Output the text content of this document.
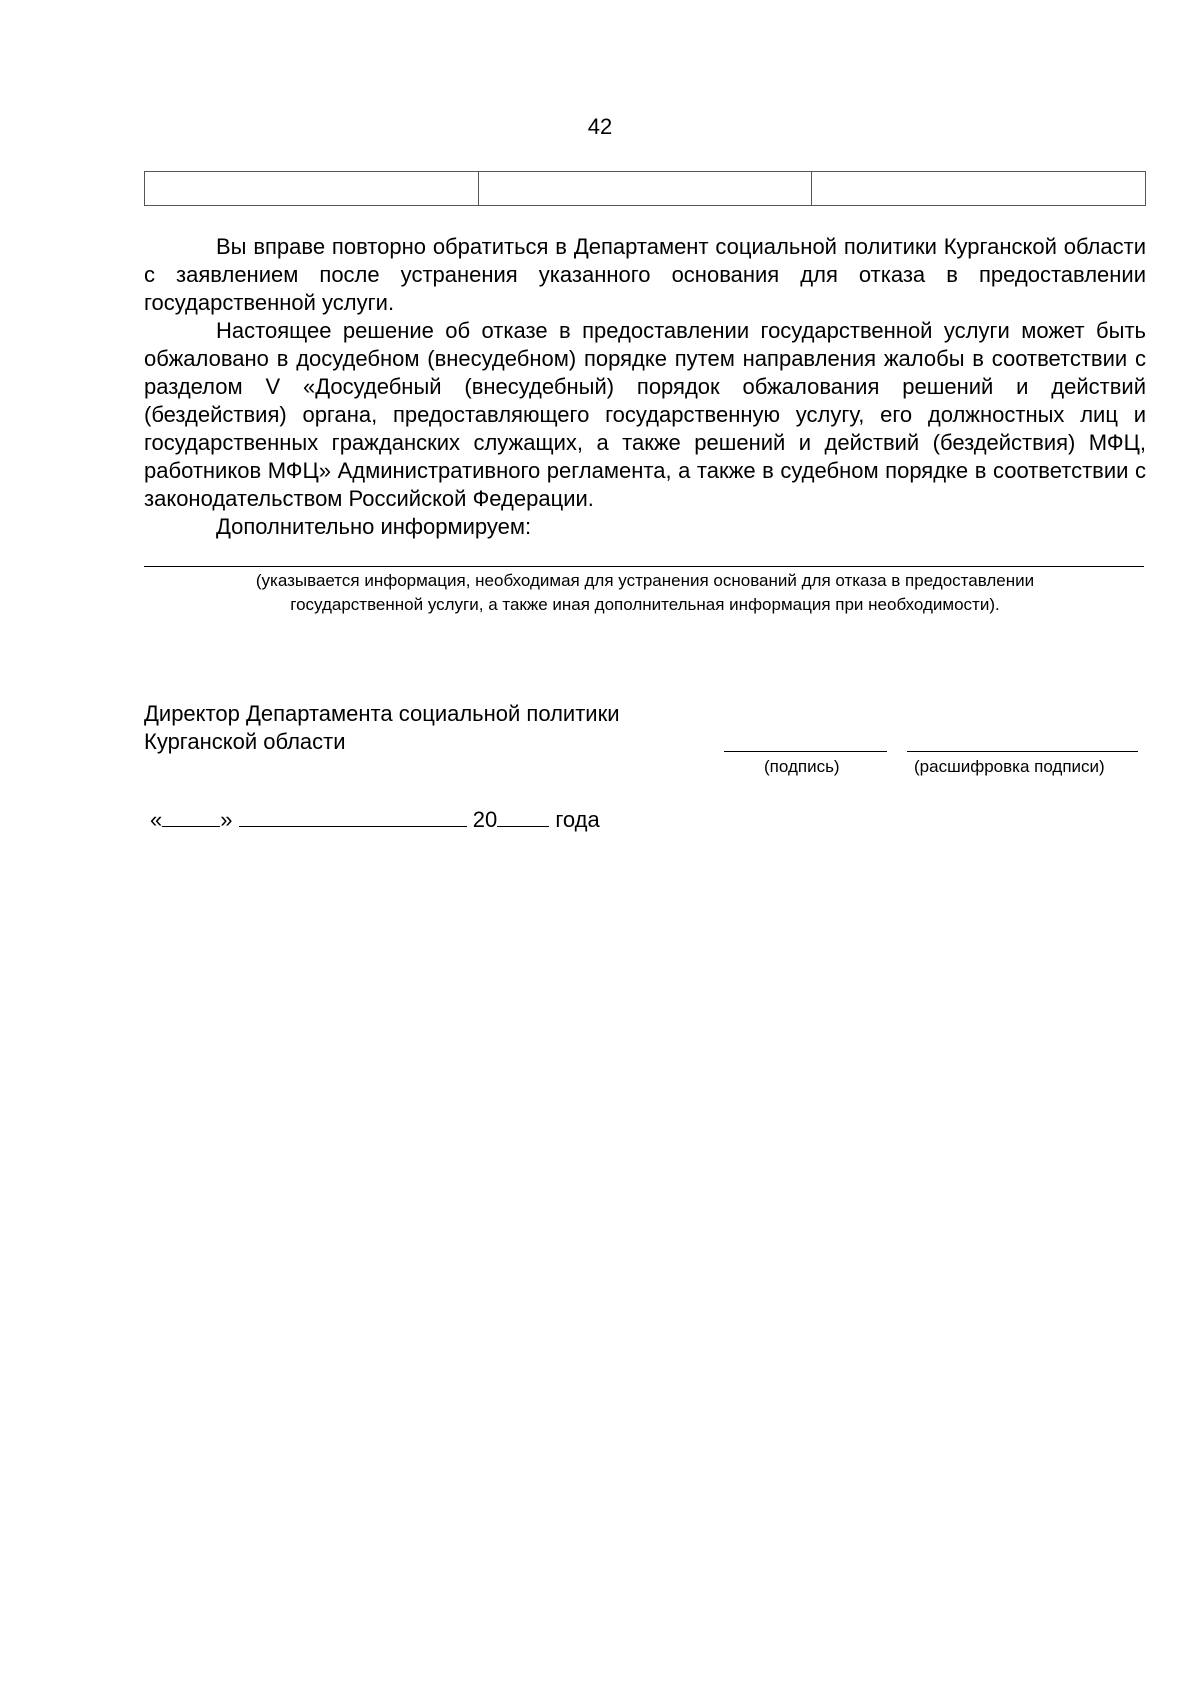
42

Вы вправе повторно обратиться в Департамент социальной политики Курганской области с заявлением после устранения указанного основания для отказа в предоставлении государственной услуги.

Настоящее решение об отказе в предоставлении государственной услуги может быть обжаловано в досудебном (внесудебном) порядке путем направления жалобы в соответствии с разделом V «Досудебный (внесудебный) порядок обжалования решений и действий (бездействия) органа, предоставляющего государственную услугу, его должностных лиц и государственных гражданских служащих, а также решений и действий (бездействия) МФЦ, работников МФЦ» Административного регламента, а также в судебном порядке в соответствии с законодательством Российской Федерации.

Дополнительно информируем:

(указывается информация, необходимая для устранения оснований для отказа в предоставлении
государственной услуги, а также иная дополнительная информация при необходимости).
Директор Департамента социальной политики
Курганской области
(подпись)	(расшифровка подписи)
«	»	20	года
